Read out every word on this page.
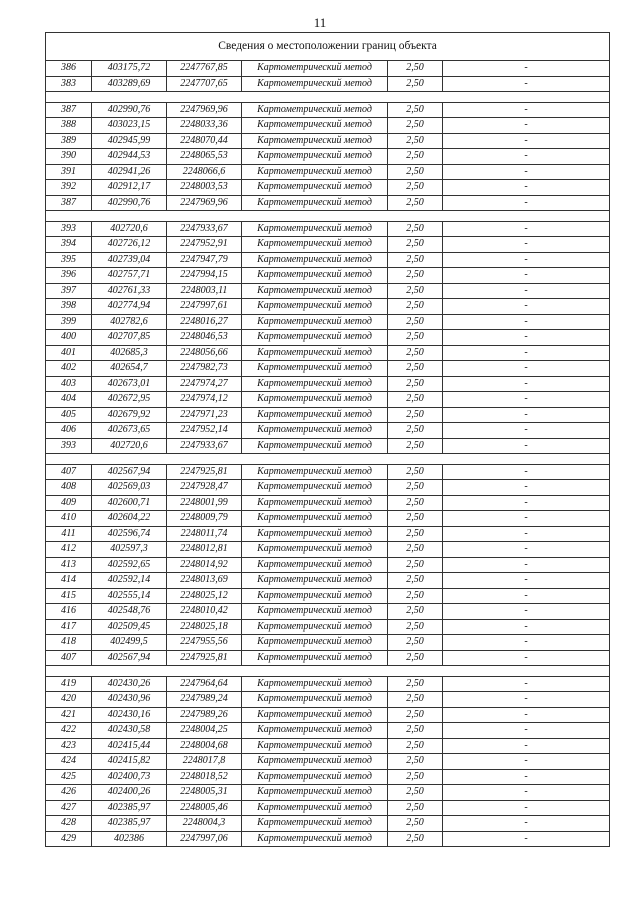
11
Сведения о местоположении границ объекта					
386	403175,72	2247767,85	Картометрический метод	2,50	-
383	403289,69	2247707,65	Картометрический метод	2,50	-

387	402990,76	2247969,96	Картометрический метод	2,50	-
388	403023,15	2248033,36	Картометрический метод	2,50	-
389	402945,99	2248070,44	Картометрический метод	2,50	-
390	402944,53	2248065,53	Картометрический метод	2,50	-
391	402941,26	2248066,6	Картометрический метод	2,50	-
392	402912,17	2248003,53	Картометрический метод	2,50	-
387	402990,76	2247969,96	Картометрический метод	2,50	-

393	402720,6	2247933,67	Картометрический метод	2,50	-
394	402726,12	2247952,91	Картометрический метод	2,50	-
395	402739,04	2247947,79	Картометрический метод	2,50	-
396	402757,71	2247994,15	Картометрический метод	2,50	-
397	402761,33	2248003,11	Картометрический метод	2,50	-
398	402774,94	2247997,61	Картометрический метод	2,50	-
399	402782,6	2248016,27	Картометрический метод	2,50	-
400	402707,85	2248046,53	Картометрический метод	2,50	-
401	402685,3	2248056,66	Картометрический метод	2,50	-
402	402654,7	2247982,73	Картометрический метод	2,50	-
403	402673,01	2247974,27	Картометрический метод	2,50	-
404	402672,95	2247974,12	Картометрический метод	2,50	-
405	402679,92	2247971,23	Картометрический метод	2,50	-
406	402673,65	2247952,14	Картометрический метод	2,50	-
393	402720,6	2247933,67	Картометрический метод	2,50	-

407	402567,94	2247925,81	Картометрический метод	2,50	-
408	402569,03	2247928,47	Картометрический метод	2,50	-
409	402600,71	2248001,99	Картометрический метод	2,50	-
410	402604,22	2248009,79	Картометрический метод	2,50	-
411	402596,74	2248011,74	Картометрический метод	2,50	-
412	402597,3	2248012,81	Картометрический метод	2,50	-
413	402592,65	2248014,92	Картометрический метод	2,50	-
414	402592,14	2248013,69	Картометрический метод	2,50	-
415	402555,14	2248025,12	Картометрический метод	2,50	-
416	402548,76	2248010,42	Картометрический метод	2,50	-
417	402509,45	2248025,18	Картометрический метод	2,50	-
418	402499,5	2247955,56	Картометрический метод	2,50	-
407	402567,94	2247925,81	Картометрический метод	2,50	-

419	402430,26	2247964,64	Картометрический метод	2,50	-
420	402430,96	2247989,24	Картометрический метод	2,50	-
421	402430,16	2247989,26	Картометрический метод	2,50	-
422	402430,58	2248004,25	Картометрический метод	2,50	-
423	402415,44	2248004,68	Картометрический метод	2,50	-
424	402415,82	2248017,8	Картометрический метод	2,50	-
425	402400,73	2248018,52	Картометрический метод	2,50	-
426	402400,26	2248005,31	Картометрический метод	2,50	-
427	402385,97	2248005,46	Картометрический метод	2,50	-
428	402385,97	2248004,3	Картометрический метод	2,50	-
429	402386	2247997,06	Картометрический метод	2,50	-
